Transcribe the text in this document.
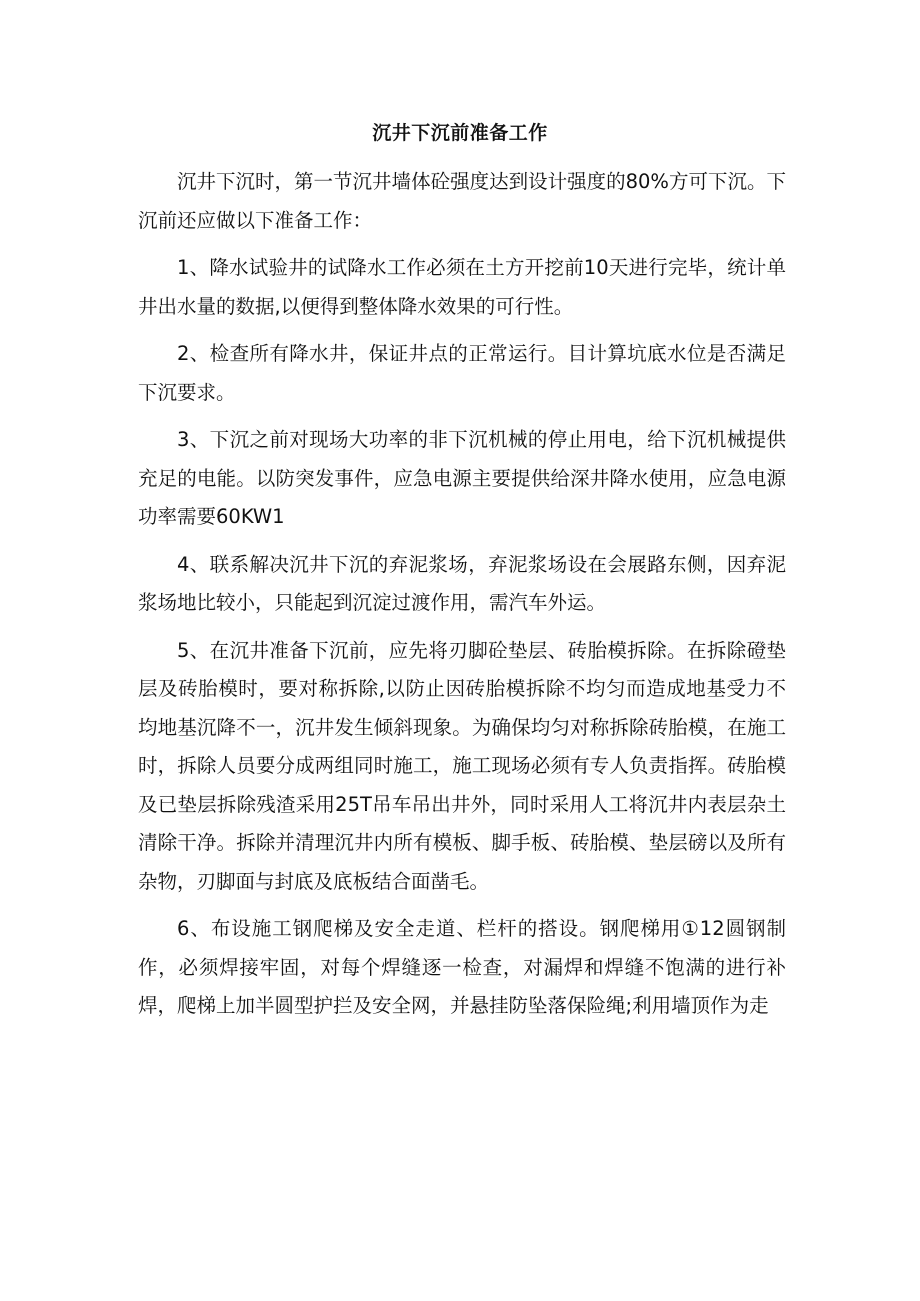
沉井下沉前准备工作

沉井下沉时，第一节沉井墙体砼强度达到设计强度的80%方可下沉。下沉前还应做以下准备工作：

1、降水试验井的试降水工作必须在土方开挖前10天进行完毕，统计单井出水量的数据,以便得到整体降水效果的可行性。

2、检查所有降水井，保证井点的正常运行。目计算坑底水位是否满足下沉要求。

3、下沉之前对现场大功率的非下沉机械的停止用电，给下沉机械提供充足的电能。以防突发事件，应急电源主要提供给深井降水使用，应急电源功率需要60KW1

4、联系解决沉井下沉的弃泥浆场，弃泥浆场设在会展路东侧，因弃泥浆场地比较小，只能起到沉淀过渡作用，需汽车外运。

5、在沉井准备下沉前，应先将刃脚砼垫层、砖胎模拆除。在拆除磴垫层及砖胎模时，要对称拆除,以防止因砖胎模拆除不均匀而造成地基受力不均地基沉降不一，沉井发生倾斜现象。为确保均匀对称拆除砖胎模，在施工时，拆除人员要分成两组同时施工，施工现场必须有专人负责指挥。砖胎模及已垫层拆除残渣采用25T吊车吊出井外，同时采用人工将沉井内表层杂土清除干净。拆除并清理沉井内所有模板、脚手板、砖胎模、垫层磅以及所有杂物，刃脚面与封底及底板结合面凿毛。

6、布设施工钢爬梯及安全走道、栏杆的搭设。钢爬梯用①12圆钢制作，必须焊接牢固，对每个焊缝逐一检查，对漏焊和焊缝不饱满的进行补焊，爬梯上加半圆型护拦及安全网，并悬挂防坠落保险绳;利用墙顶作为走
